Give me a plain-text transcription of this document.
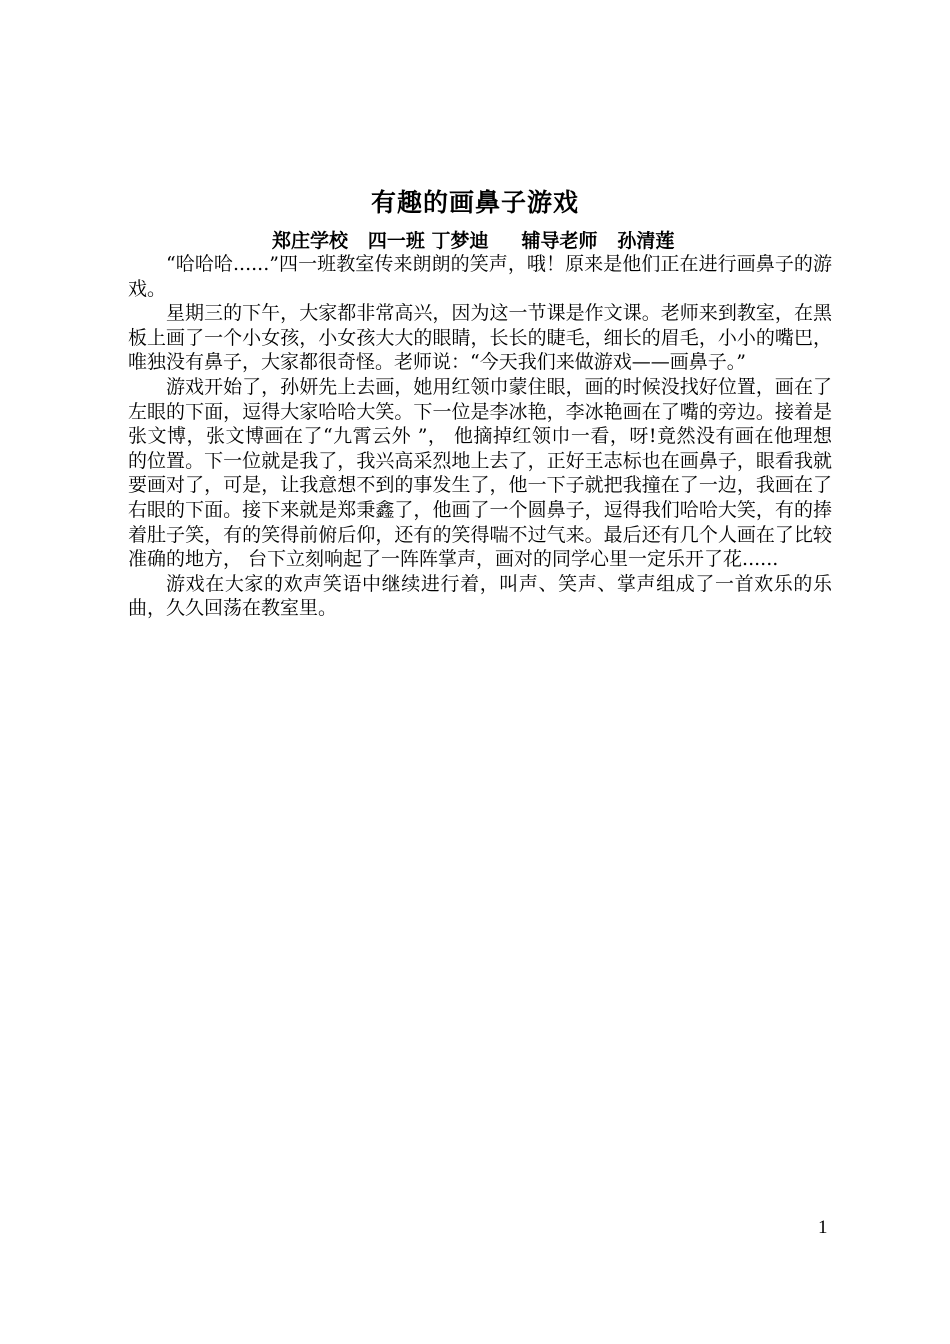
有趣的画鼻子游戏
郑庄学校   四一班 丁梦迪     辅导老师   孙清莲

“哈哈哈......”四一班教室传来朗朗的笑声，哦！原来是他们正在进行画鼻子的游戏。

星期三的下午，大家都非常高兴，因为这一节课是作文课。老师来到教室，在黑板上画了一个小女孩，小女孩大大的眼睛，长长的睫毛，细长的眉毛，小小的嘴巴，唯独没有鼻子，大家都很奇怪。老师说：“今天我们来做游戏——画鼻子。”

游戏开始了，孙妍先上去画，她用红领巾蒙住眼，画的时候没找好位置，画在了左眼的下面，逗得大家哈哈大笑。下一位是李冰艳，李冰艳画在了嘴的旁边。接着是张文博，张文博画在了“九霄云外 ”， 他摘掉红领巾一看，呀!竟然没有画在他理想的位置。下一位就是我了，我兴高采烈地上去了，正好王志标也在画鼻子，眼看我就要画对了，可是，让我意想不到的事发生了，他一下子就把我撞在了一边，我画在了右眼的下面。接下来就是郑秉鑫了，他画了一个圆鼻子，逗得我们哈哈大笑，有的捧着肚子笑，有的笑得前俯后仰，还有的笑得喘不过气来。最后还有几个人画在了比较准确的地方， 台下立刻响起了一阵阵掌声，画对的同学心里一定乐开了花......

游戏在大家的欢声笑语中继续进行着，叫声、笑声、掌声组成了一首欢乐的乐曲，久久回荡在教室里。

1
